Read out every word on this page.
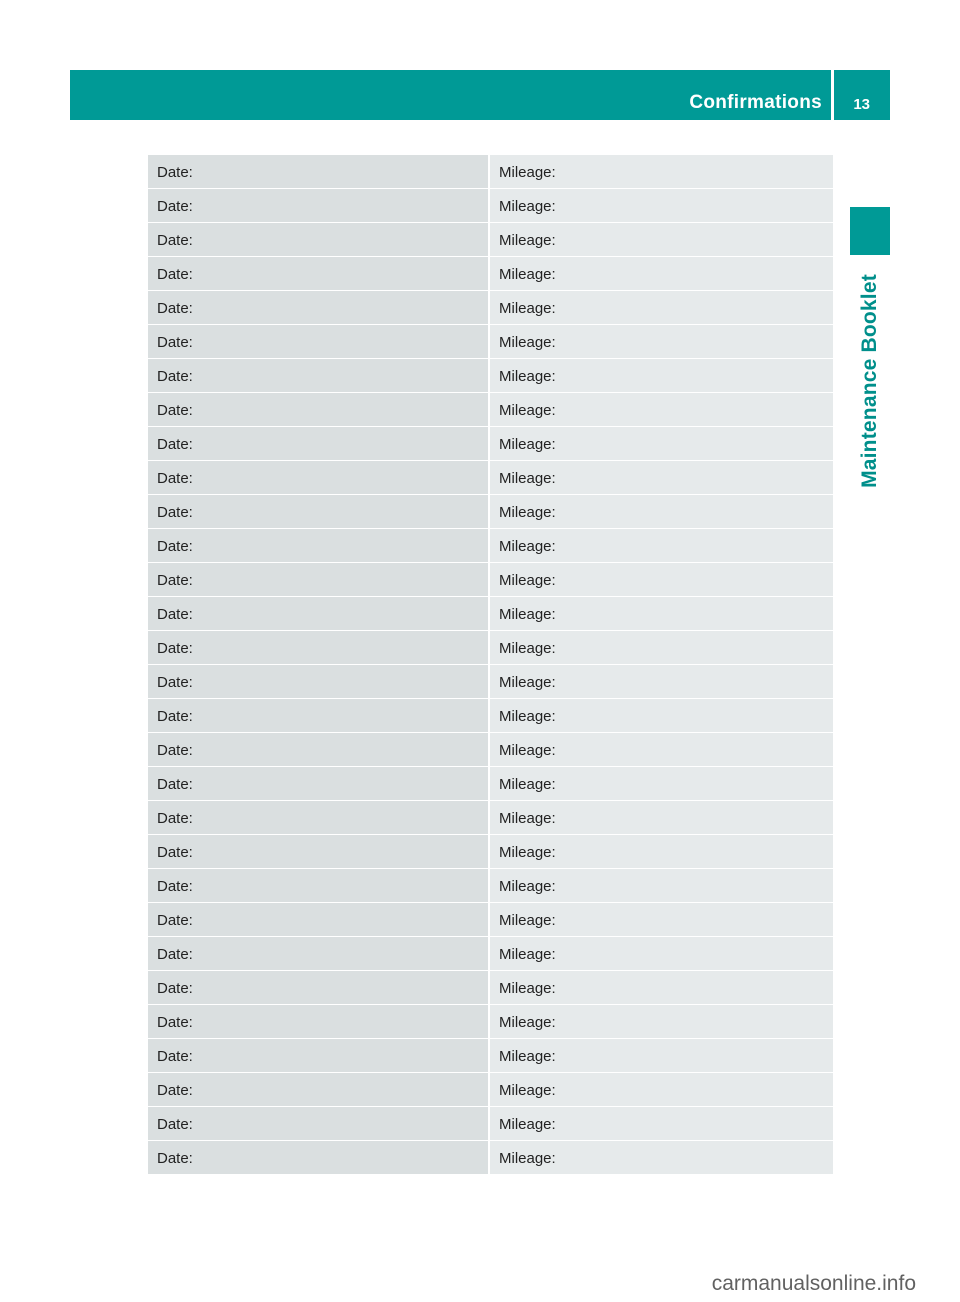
Confirmations 13
Maintenance Booklet
Date:	Mileage:
Date:	Mileage:
Date:	Mileage:
Date:	Mileage:
Date:	Mileage:
Date:	Mileage:
Date:	Mileage:
Date:	Mileage:
Date:	Mileage:
Date:	Mileage:
Date:	Mileage:
Date:	Mileage:
Date:	Mileage:
Date:	Mileage:
Date:	Mileage:
Date:	Mileage:
Date:	Mileage:
Date:	Mileage:
Date:	Mileage:
Date:	Mileage:
Date:	Mileage:
Date:	Mileage:
Date:	Mileage:
Date:	Mileage:
Date:	Mileage:
Date:	Mileage:
Date:	Mileage:
Date:	Mileage:
Date:	Mileage:
Date:	Mileage:
carmanualsonline.info
